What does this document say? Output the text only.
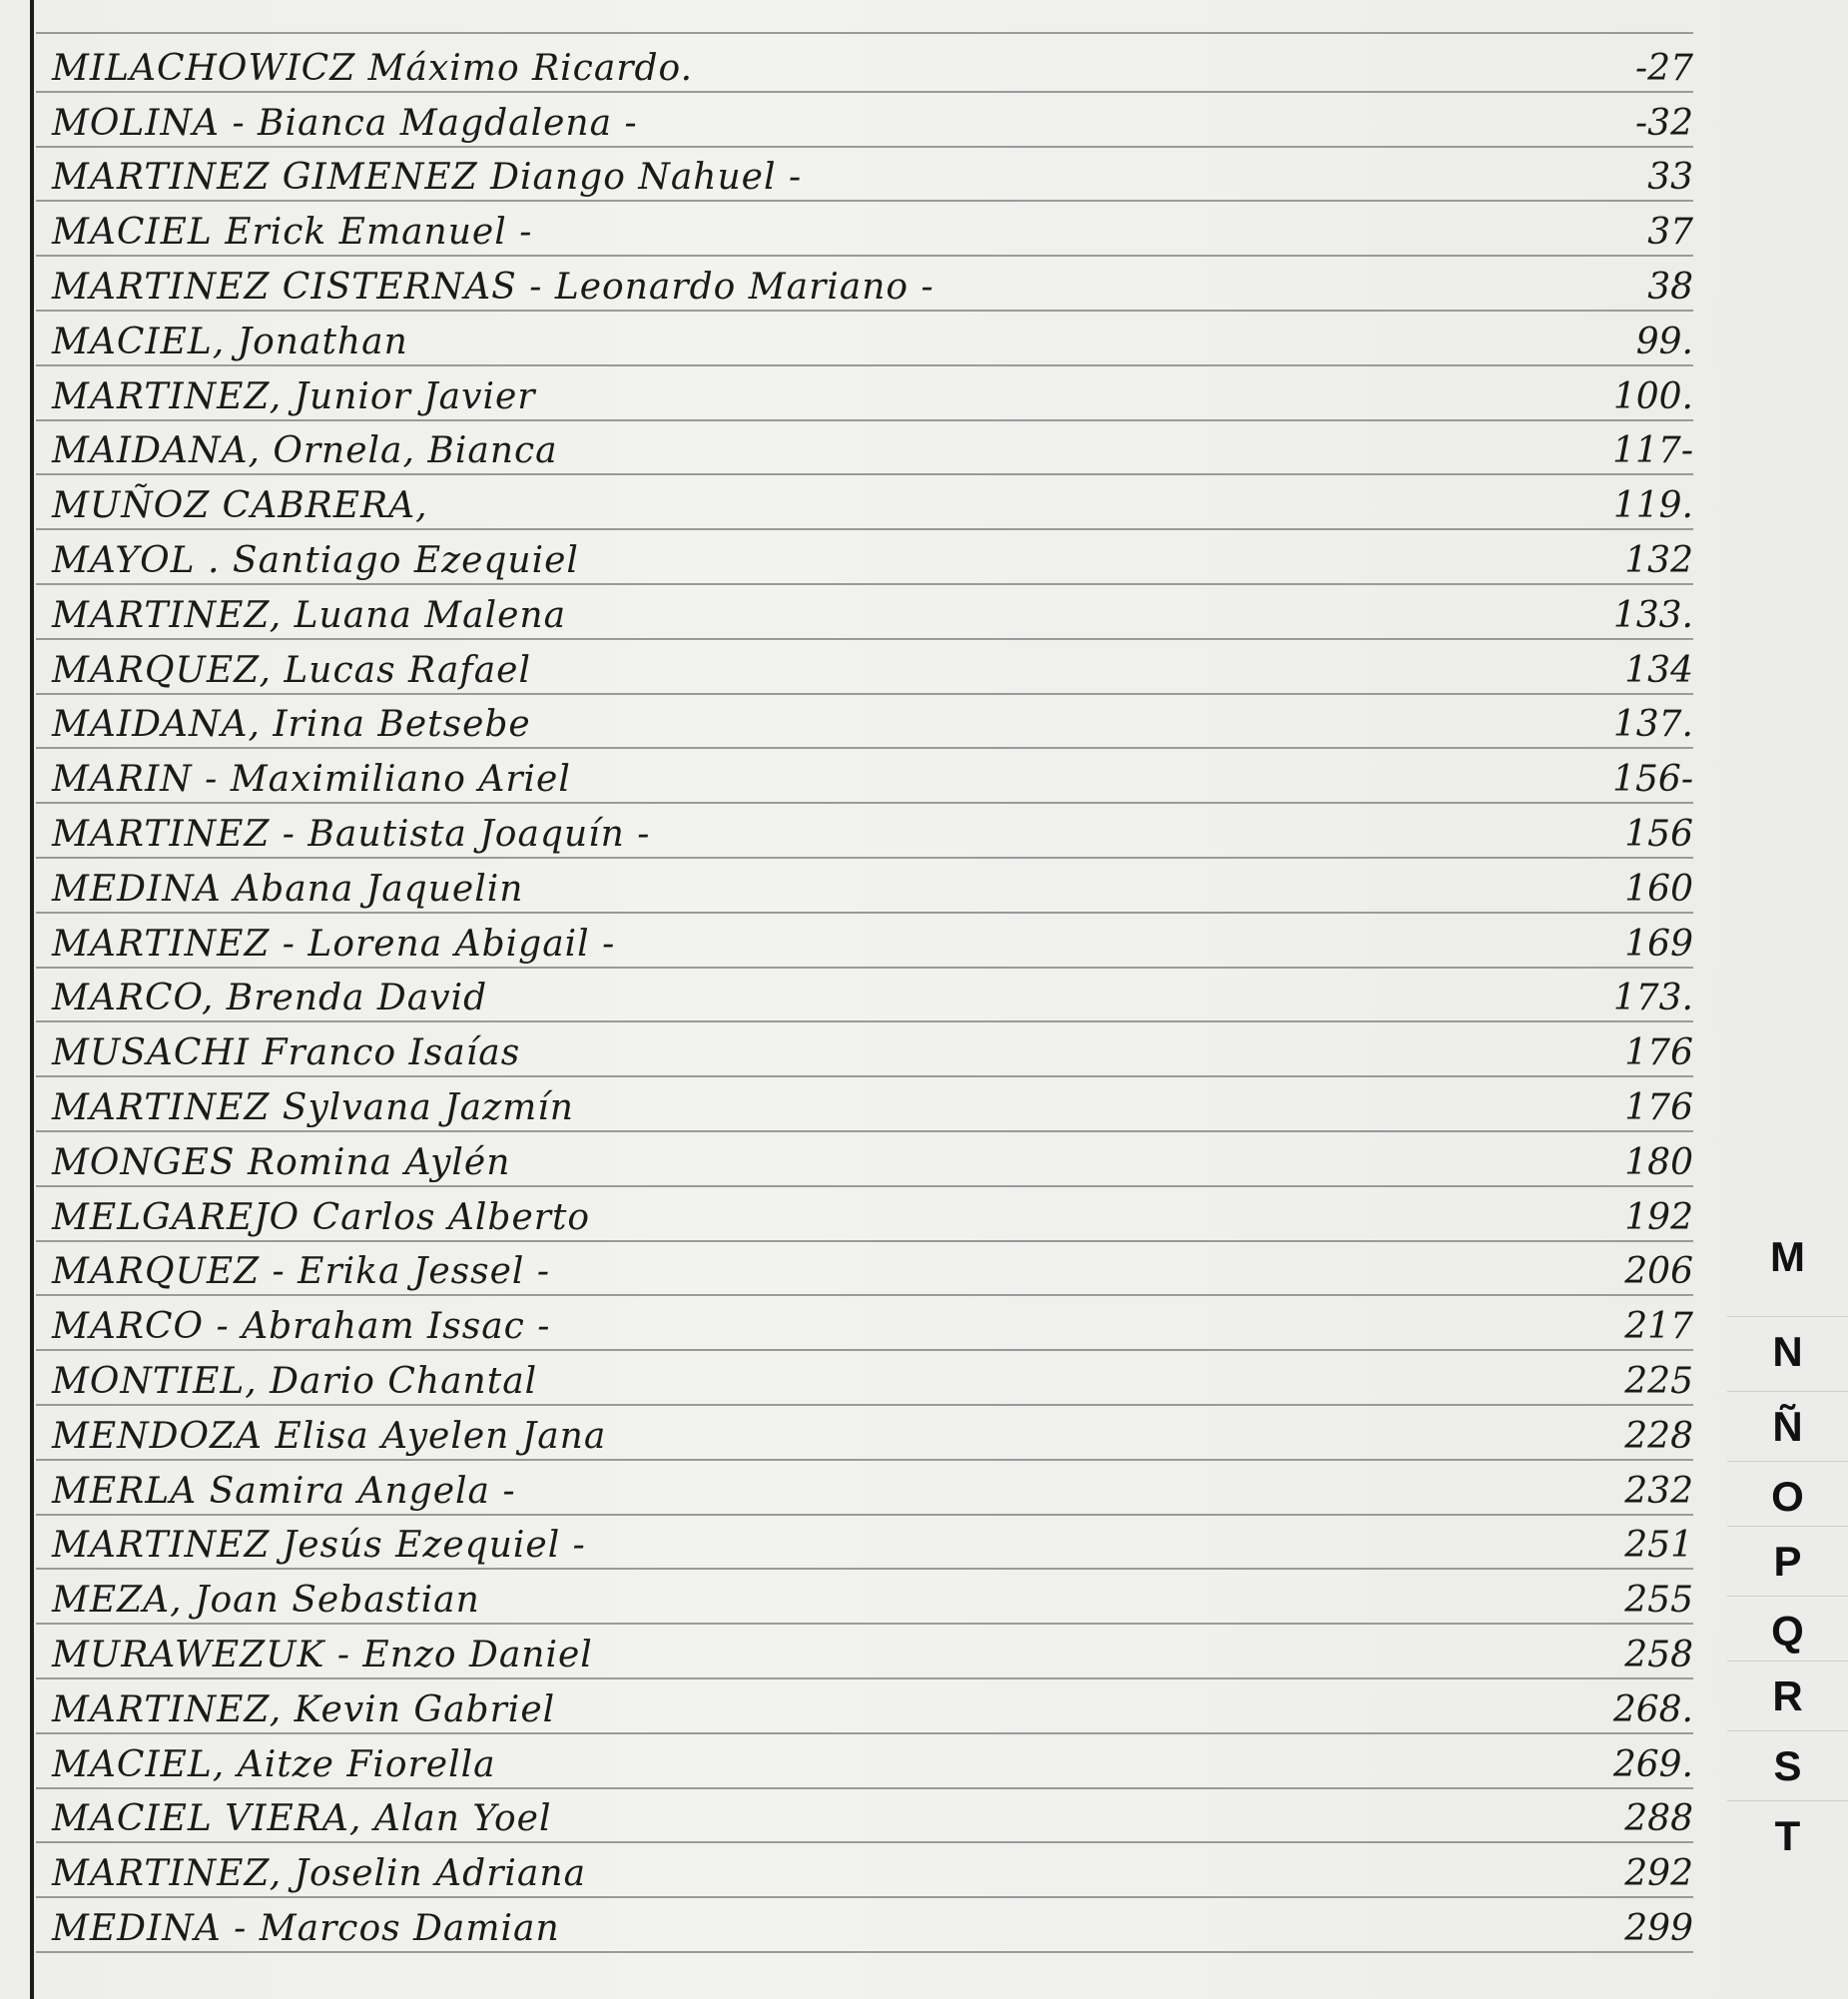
MILACHOWICZ Máximo Ricardo.	-27
MOLINA - Bianca Magdalena -	-32
MARTINEZ GIMENEZ Diango Nahuel -	33
MACIEL Erick Emanuel -	37
MARTINEZ CISTERNAS - Leonardo Mariano -	38
MACIEL, Jonathan	99.
MARTINEZ, Junior Javier	100.
MAIDANA, Ornela, Bianca	117-
MUÑOZ CABRERA,	119.
MAYOL . Santiago Ezequiel	132
MARTINEZ, Luana Malena	133.
MARQUEZ, Lucas Rafael	134
MAIDANA, Irina Betsebe	137.
MARIN - Maximiliano Ariel	156-
MARTINEZ - Bautista Joaquín -	156
MEDINA Abana Jaquelin	160
MARTINEZ - Lorena Abigail -	169
MARCO, Brenda David	173.
MUSACHI Franco Isaías	176
MARTINEZ Sylvana Jazmín	176
MONGES Romina Aylén	180
MELGAREJO Carlos Alberto	192
MARQUEZ - Erika Jessel -	206
MARCO - Abraham Issac -	217
MONTIEL, Dario Chantal	225
MENDOZA Elisa Ayelen Jana	228
MERLA Samira Angela -	232
MARTINEZ Jesús Ezequiel -	251
MEZA, Joan Sebastian	255
MURAWEZUK - Enzo Daniel	258
MARTINEZ, Kevin Gabriel	268.
MACIEL, Aitze Fiorella	269.
MACIEL VIERA, Alan Yoel	288
MARTINEZ, Joselin Adriana	292
MEDINA - Marcos Damian	299
M
N
Ñ
O
P
Q
R
S
T
